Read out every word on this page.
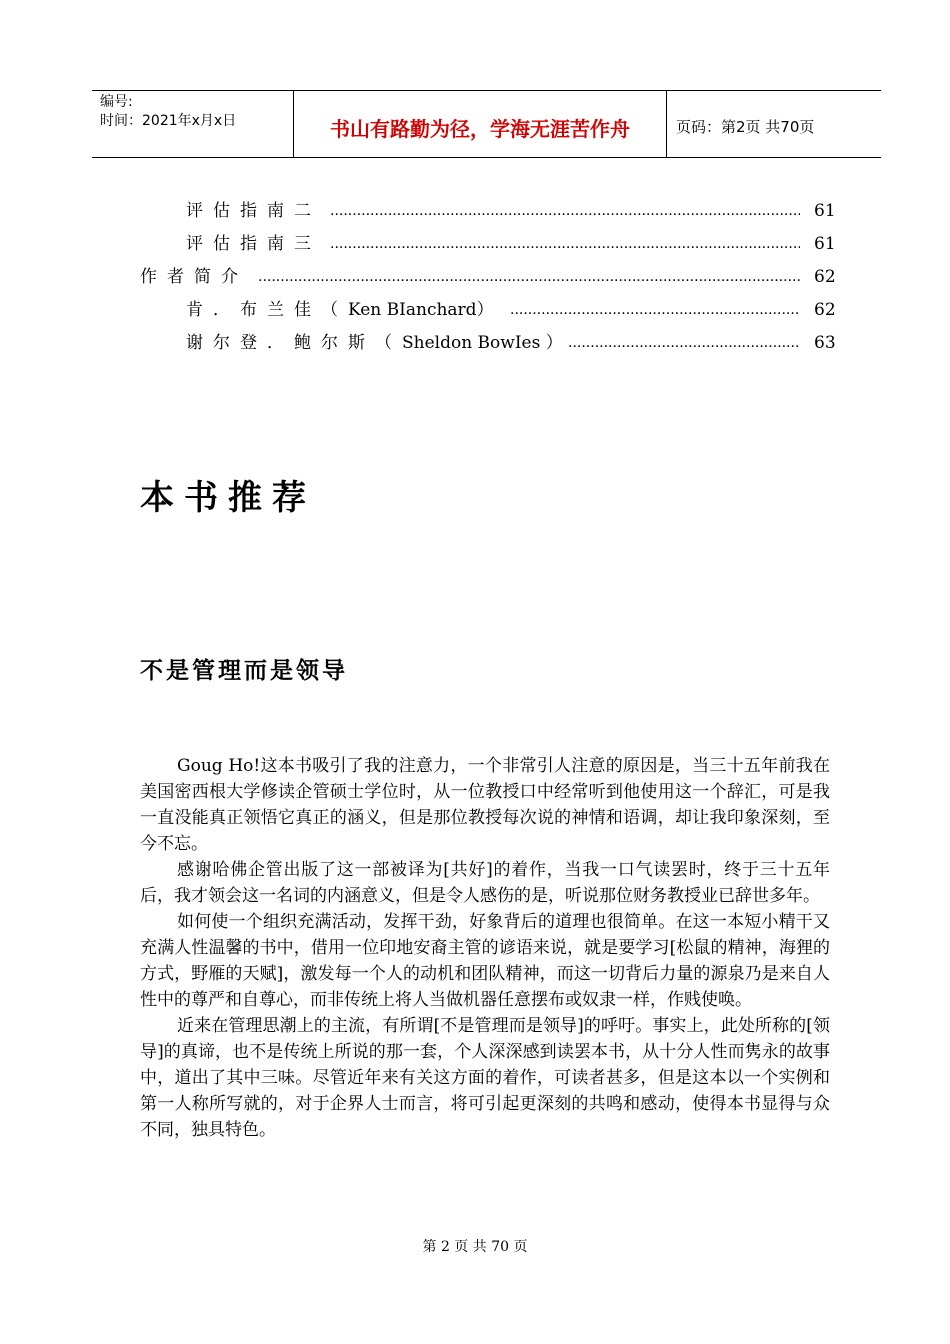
编号:
时间：2021年x月x日	书山有路勤为径，学海无涯苦作舟	页码：第2页 共70页
评估指南二 .....	61
评估指南三 .....	61
作者简介 .....	62
肯．布兰佳（Ken BIanchard） .....	62
谢尔登．鲍尔斯（Sheldon BowIes ） .....	63
本书推荐
不是管理而是领导

Goug Ho!这本书吸引了我的注意力，一个非常引人注意的原因是，当三十五年前我在美国密西根大学修读企管硕士学位时，从一位教授口中经常听到他使用这一个辞汇，可是我一直没能真正领悟它真正的涵义，但是那位教授每次说的神情和语调，却让我印象深刻，至今不忘。

感谢哈佛企管出版了这一部被译为[共好]的着作，当我一口气读罢时，终于三十五年后，我才领会这一名词的内涵意义，但是令人感伤的是，听说那位财务教授业已辞世多年。

如何使一个组织充满活动，发挥干劲，好象背后的道理也很简单。在这一本短小精干又充满人性温馨的书中，借用一位印地安裔主管的谚语来说，就是要学习[松鼠的精神，海狸的方式，野雁的天赋]，激发每一个人的动机和团队精神，而这一切背后力量的源泉乃是来自人性中的尊严和自尊心，而非传统上将人当做机器任意摆布或奴隶一样，作贱使唤。

近来在管理思潮上的主流，有所谓[不是管理而是领导]的呼吁。事实上，此处所称的[领导]的真谛，也不是传统上所说的那一套，个人深深感到读罢本书，从十分人性而隽永的故事中，道出了其中三味。尽管近年来有关这方面的着作，可读者甚多，但是这本以一个实例和第一人称所写就的，对于企界人士而言，将可引起更深刻的共鸣和感动，使得本书显得与众不同，独具特色。

第 2 页 共 70 页
